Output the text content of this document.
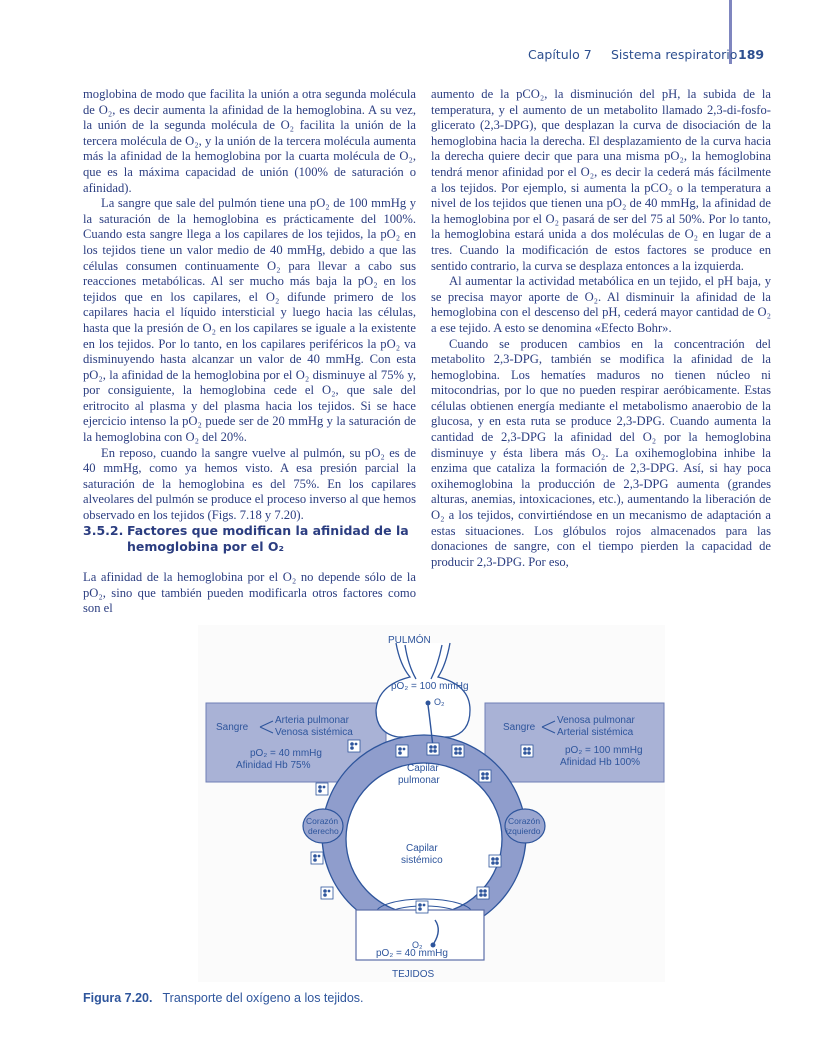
Capítulo 7 Sistema respiratorio 189

moglobina de modo que facilita la unión a otra segunda molécula de O₂, es decir aumenta la afinidad de la hemoglobina. A su vez, la unión de la segunda molécula de O₂ facilita la unión de la tercera molécula de O₂, y la unión de la tercera molécula aumenta más la afinidad de la hemoglobina por la cuarta molécula de O₂, que es la máxima capacidad de unión (100% de saturación o afinidad).

La sangre que sale del pulmón tiene una pO₂ de 100 mmHg y la saturación de la hemoglobina es prácticamente del 100%. Cuando esta sangre llega a los capilares de los tejidos, la pO₂ en los tejidos tiene un valor medio de 40 mmHg, debido a que las células consumen continuamente O₂ para llevar a cabo sus reacciones metabólicas. Al ser mucho más baja la pO₂ en los tejidos que en los capilares, el O₂ difunde primero de los capilares hacia el líquido intersticial y luego hacia las células, hasta que la presión de O₂ en los capilares se iguale a la existente en los tejidos. Por lo tanto, en los capilares periféricos la pO₂ va disminuyendo hasta alcanzar un valor de 40 mmHg. Con esta pO₂, la afinidad de la hemoglobina por el O₂ disminuye al 75% y, por consiguiente, la hemoglobina cede el O₂, que sale del eritrocito al plasma y del plasma hacia los tejidos. Si se hace ejercicio intenso la pO₂ puede ser de 20 mmHg y la saturación de la hemoglobina con O₂ del 20%.

En reposo, cuando la sangre vuelve al pulmón, su pO₂ es de 40 mmHg, como ya hemos visto. A esa presión parcial la saturación de la hemoglobina es del 75%. En los capilares alveolares del pulmón se produce el proceso inverso al que hemos observado en los tejidos (Figs. 7.18 y 7.20).

3.5.2. Factores que modifican la afinidad de la
hemoglobina por el O₂

La afinidad de la hemoglobina por el O₂ no depende sólo de la pO₂, sino que también pueden modificarla otros factores como son el

aumento de la pCO₂, la disminución del pH, la subida de la temperatura, y el aumento de un metabolito llamado 2,3-di-fosfo-glicerato (2,3-DPG), que desplazan la curva de disociación de la hemoglobina hacia la derecha. El desplazamiento de la curva hacia la derecha quiere decir que para una misma pO₂, la hemoglobina tendrá menor afinidad por el O₂, es decir la cederá más fácilmente a los tejidos. Por ejemplo, si aumenta la pCO₂ o la temperatura a nivel de los tejidos que tienen una pO₂ de 40 mmHg, la afinidad de la hemoglobina por el O₂ pasará de ser del 75 al 50%. Por lo tanto, la hemoglobina estará unida a dos moléculas de O₂ en lugar de a tres. Cuando la modificación de estos factores se produce en sentido contrario, la curva se desplaza entonces a la izquierda.

Al aumentar la actividad metabólica en un tejido, el pH baja, y se precisa mayor aporte de O₂. Al disminuir la afinidad de la hemoglobina con el descenso del pH, cederá mayor cantidad de O₂ a ese tejido. A esto se denomina «Efecto Bohr».

Cuando se producen cambios en la concentración del metabolito 2,3-DPG, también se modifica la afinidad de la hemoglobina. Los hematíes maduros no tienen núcleo ni mitocondrias, por lo que no pueden respirar aeróbicamente. Estas células obtienen energía mediante el metabolismo anaerobio de la glucosa, y en esta ruta se produce 2,3-DPG. Cuando aumenta la cantidad de 2,3-DPG la afinidad del O₂ por la hemoglobina disminuye y ésta libera más O₂. La oxihemoglobina inhibe la enzima que cataliza la formación de 2,3-DPG. Así, si hay poca oxihemoglobina la producción de 2,3-DPG aumenta (grandes alturas, anemias, intoxicaciones, etc.), aumentando la liberación de O₂ a los tejidos, convirtiéndose en un mecanismo de adaptación a estas situaciones. Los glóbulos rojos almacenados para las donaciones de sangre, con el tiempo pierden la capacidad de producir 2,3-DPG. Por eso,

PULMÓN
pO₂ = 100 mmHg
O₂
Sangre
Arteria pulmonar
Venosa sistémica
pO₂ = 40 mmHg
Afinidad Hb 75%
Sangre
Venosa pulmonar
Arterial sistémica
pO₂ = 100 mmHg
Afinidad Hb 100%
Capilar
pulmonar
Capilar
sistémico
Corazón
derecho
Corazón
izquierdo
O₂
pO₂ = 40 mmHg
TEJIDOS
Figura 7.20. Transporte del oxígeno a los tejidos.
